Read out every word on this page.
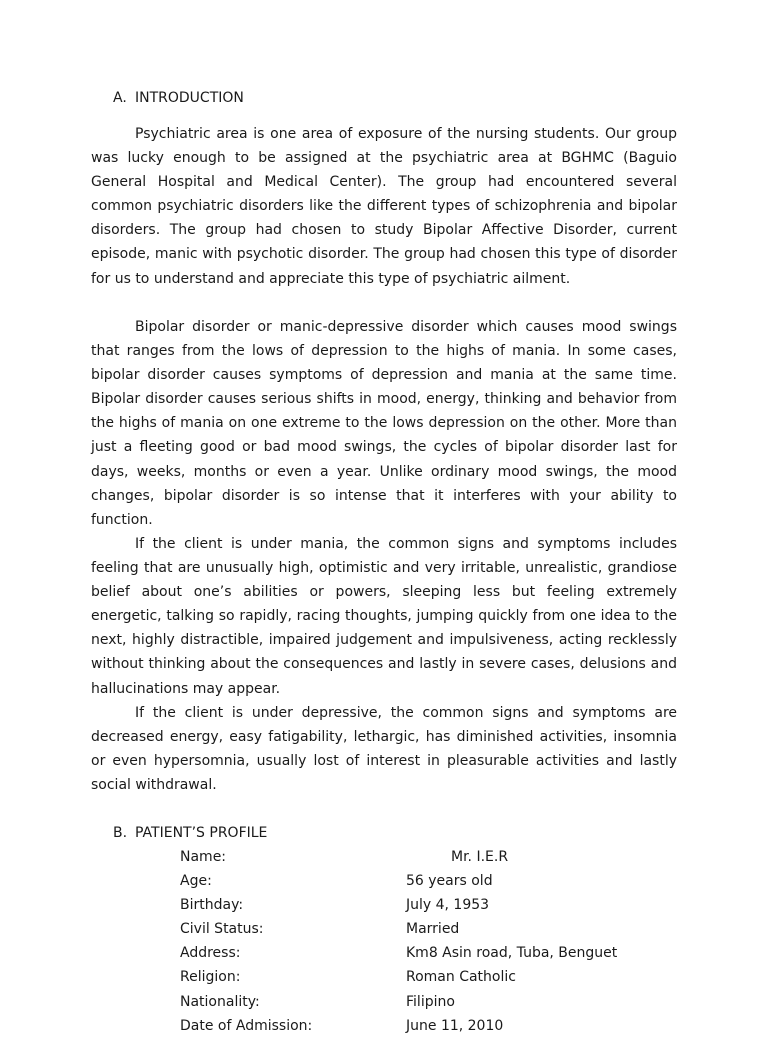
A. INTRODUCTION

Psychiatric area is one area of exposure of the nursing students. Our group was lucky enough to be assigned at the psychiatric area at BGHMC (Baguio General Hospital and Medical Center). The group had encountered several common psychiatric disorders like the different types of schizophrenia and bipolar disorders. The group had chosen to study Bipolar Affective Disorder, current episode, manic with psychotic disorder. The group had chosen this type of disorder for us to understand and appreciate this type of psychiatric ailment.

Bipolar disorder or manic-depressive disorder which causes mood swings that ranges from the lows of depression to the highs of mania. In some cases, bipolar disorder causes symptoms of depression and mania at the same time. Bipolar disorder causes serious shifts in mood, energy, thinking and behavior from the highs of mania on one extreme to the lows depression on the other. More than just a fleeting good or bad mood swings, the cycles of bipolar disorder last for days, weeks, months or even a year. Unlike ordinary mood swings, the mood changes, bipolar disorder is so intense that it interferes with your ability to function.

If the client is under mania, the common signs and symptoms includes feeling that are unusually high, optimistic and very irritable, unrealistic, grandiose belief about one’s abilities or powers, sleeping less but feeling extremely energetic, talking so rapidly, racing thoughts, jumping quickly from one idea to the next, highly distractible, impaired judgement and impulsiveness, acting recklessly without thinking about the consequences and lastly in severe cases, delusions and hallucinations may appear.

If the client is under depressive, the common signs and symptoms are decreased energy, easy fatigability, lethargic, has diminished activities, insomnia or even hypersomnia, usually lost of interest in pleasurable activities and lastly social withdrawal.

B. PATIENT’S PROFILE
Name:	Mr. I.E.R
Age:	56 years old
Birthday:	July 4, 1953
Civil Status:	Married
Address:	Km8 Asin road, Tuba, Benguet
Religion:	Roman Catholic
Nationality:	Filipino
Date of Admission:	June 11, 2010
